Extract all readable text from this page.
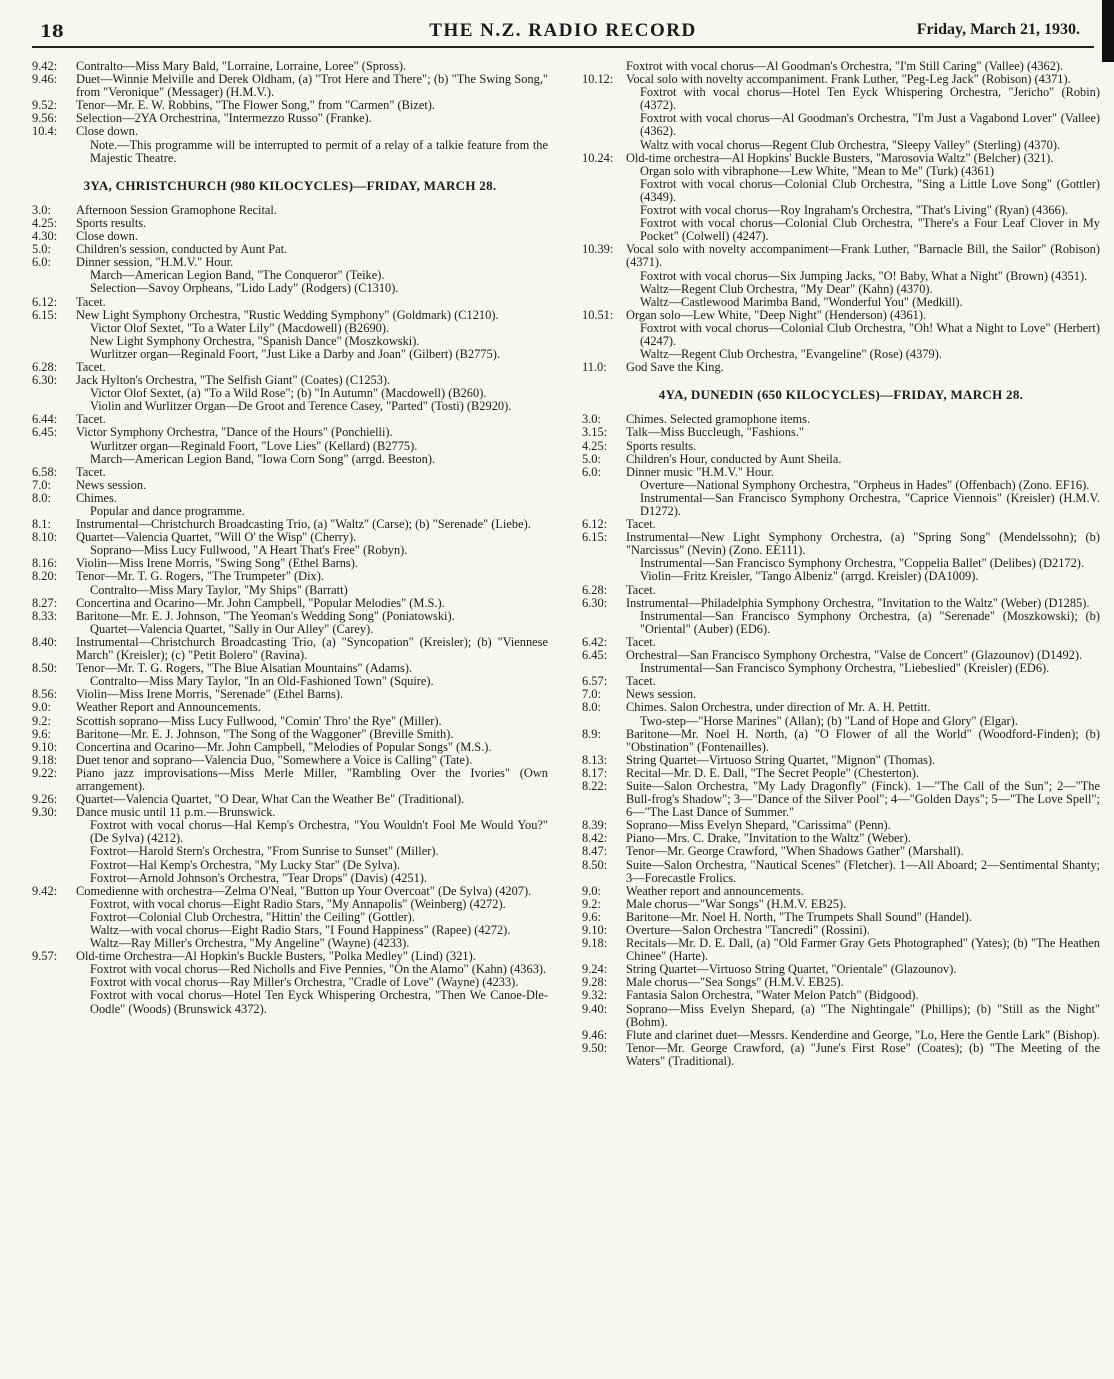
18	THE N.Z. RADIO RECORD	Friday, March 21, 1930.
9.42 :	Contralto—Miss Mary Bald, "Lorraine, Lorraine, Loree" (Spross).
9.46 :	Duet—Winnie Melville and Derek Oldham, (a) "Trot Here and There"; (b) "The Swing Song," from "Veronique" (Messager) (H.M.V.).
9.52 :	Tenor—Mr. E. W. Robbins, "The Flower Song," from "Carmen" (Bizet).
9.56 :	Selection—2YA Orchestrina, "Intermezzo Russo" (Franke).
10.4 :	Close down.
Note.—This programme will be interrupted to permit of a relay of a talkie feature from the Majestic Theatre.
3YA, CHRISTCHURCH (980 KILOCYCLES)—FRIDAY, MARCH 28.
3.0 :	Afternoon Session Gramophone Recital.
4.25 :	Sports results.
4.30 :	Close down.
5.0 :	Children's session, conducted by Aunt Pat.
6.0 :	Dinner session, "H.M.V." Hour.
March—American Legion Band, "The Conqueror" (Teike).
Selection—Savoy Orpheans, "Lido Lady" (Rodgers) (C1310).
6.12 :	Tacet.
6.15 :	New Light Symphony Orchestra, "Rustic Wedding Symphony" (Goldmark) (C1210).
Victor Olof Sextet, "To a Water Lily" (Macdowell) (B2690).
New Light Symphony Orchestra, "Spanish Dance" (Moszkowski).
Wurlitzer organ—Reginald Foort, "Just Like a Darby and Joan" (Gilbert) (B2775).
6.28 :	Tacet.
6.30 :	Jack Hylton's Orchestra, "The Selfish Giant" (Coates) (C1253).
Victor Olof Sextet, (a) "To a Wild Rose"; (b) "In Autumn" (Macdowell) (B260).
Violin and Wurlitzer Organ—De Groot and Terence Casey, "Parted" (Tosti) (B2920).
6.44 :	Tacet.
6.45 :	Victor Symphony Orchestra, "Dance of the Hours" (Ponchielli).
Wurlitzer organ—Reginald Foort, "Love Lies" (Kellard) (B2775).
March—American Legion Band, "Iowa Corn Song" (arrgd. Beeston).
6.58 :	Tacet.
7.0 :	News session.
8.0 :	Chimes.
Popular and dance programme.
8.1 :	Instrumental—Christchurch Broadcasting Trio, (a) "Waltz" (Carse); (b) "Serenade" (Liebe).
8.10 :	Quartet—Valencia Quartet, "Will O' the Wisp" (Cherry).
Soprano—Miss Lucy Fullwood, "A Heart That's Free" (Robyn).
8.16 :	Violin—Miss Irene Morris, "Swing Song" (Ethel Barns).
8.20 :	Tenor—Mr. T. G. Rogers, "The Trumpeter" (Dix).
Contralto—Miss Mary Taylor, "My Ships" (Barratt)
8.27 :	Concertina and Ocarino—Mr. John Campbell, "Popular Melodies" (M.S.).
8.33 :	Baritone—Mr. E. J. Johnson, "The Yeoman's Wedding Song" (Poniatowski).
Quartet—Valencia Quartet, "Sally in Our Alley" (Carey).
8.40 :	Instrumental—Christchurch Broadcasting Trio, (a) "Syncopation" (Kreisler); (b) "Viennese March" (Kreisler); (c) "Petit Bolero" (Ravina).
8.50 :	Tenor—Mr. T. G. Rogers, "The Blue Alsatian Mountains" (Adams).
Contralto—Miss Mary Taylor, "In an Old-Fashioned Town" (Squire).
8.56 :	Violin—Miss Irene Morris, "Serenade" (Ethel Barns).
9.0 :	Weather Report and Announcements.
9.2 :	Scottish soprano—Miss Lucy Fullwood, "Comin' Thro' the Rye" (Miller).
9.6 :	Baritone—Mr. E. J. Johnson, "The Song of the Waggoner" (Breville Smith).
9.10 :	Concertina and Ocarino—Mr. John Campbell, "Melodies of Popular Songs" (M.S.).
9.18 :	Duet tenor and soprano—Valencia Duo, "Somewhere a Voice is Calling" (Tate).
9.22 :	Piano jazz improvisations—Miss Merle Miller, "Rambling Over the Ivories" (Own arrangement).
9.26 :	Quartet—Valencia Quartet, "O Dear, What Can the Weather Be" (Traditional).
9.30 :	Dance music until 11 p.m.—Brunswick.
Foxtrot with vocal chorus—Hal Kemp's Orchestra, "You Wouldn't Fool Me Would You?" (De Sylva) (4212).
Foxtrot—Harold Stern's Orchestra, "From Sunrise to Sunset" (Miller).
Foxtrot—Hal Kemp's Orchestra, "My Lucky Star" (De Sylva).
Foxtrot—Arnold Johnson's Orchestra, "Tear Drops" (Davis) (4251).
9.42 :	Comedienne with orchestra—Zelma O'Neal, "Button up Your Overcoat" (De Sylva) (4207).
Foxtrot, with vocal chorus—Eight Radio Stars, "My Annapolis" (Weinberg) (4272).
Foxtrot—Colonial Club Orchestra, "Hittin' the Ceiling" (Gottler).
Waltz—with vocal chorus—Eight Radio Stars, "I Found Happiness" (Rapee) (4272).
Waltz—Ray Miller's Orchestra, "My Angeline" (Wayne) (4233).
9.57 :	Old-time Orchestra—Al Hopkin's Buckle Busters, "Polka Medley" (Lind) (321).
Foxtrot with vocal chorus—Red Nicholls and Five Pennies, "On the Alamo" (Kahn) (4363).
Foxtrot with vocal chorus—Ray Miller's Orchestra, "Cradle of Love" (Wayne) (4233).
Foxtrot with vocal chorus—Hotel Ten Eyck Whispering Orchestra, "Then We Canoe-Dle-Oodle" (Woods) (Brunswick 4372).
Foxtrot with vocal chorus—Al Goodman's Orchestra, "I'm Still Caring" (Vallee) (4362).
10.12 :	Vocal solo with novelty accompaniment. Frank Luther, "Peg-Leg Jack" (Robison) (4371).
Foxtrot with vocal chorus—Hotel Ten Eyck Whispering Orchestra, "Jericho" (Robin) (4372).
Foxtrot with vocal chorus—Al Goodman's Orchestra, "I'm Just a Vagabond Lover" (Vallee) (4362).
Waltz with vocal chorus—Regent Club Orchestra, "Sleepy Valley" (Sterling) (4370).
10.24 :	Old-time orchestra—Al Hopkins' Buckle Busters, "Marosovia Waltz" (Belcher) (321).
Organ solo with vibraphone—Lew White, "Mean to Me" (Turk) (4361)
Foxtrot with vocal chorus—Colonial Club Orchestra, "Sing a Little Love Song" (Gottler) (4349).
Foxtrot with vocal chorus—Roy Ingraham's Orchestra, "That's Living" (Ryan) (4366).
Foxtrot with vocal chorus—Colonial Club Orchestra, "There's a Four Leaf Clover in My Pocket" (Colwell) (4247).
10.39 :	Vocal solo with novelty accompaniment—Frank Luther, "Barnacle Bill, the Sailor" (Robison) (4371).
Foxtrot with vocal chorus—Six Jumping Jacks, "O! Baby, What a Night" (Brown) (4351).
Waltz—Regent Club Orchestra, "My Dear" (Kahn) (4370).
Waltz—Castlewood Marimba Band, "Wonderful You" (Medkill).
10.51 :	Organ solo—Lew White, "Deep Night" (Henderson) (4361).
Foxtrot with vocal chorus—Colonial Club Orchestra, "Oh! What a Night to Love" (Herbert) (4247).
Waltz—Regent Club Orchestra, "Evangeline" (Rose) (4379).
11.0 :	God Save the King.
4YA, DUNEDIN (650 KILOCYCLES)—FRIDAY, MARCH 28.
3.0 :	Chimes. Selected gramophone items.
3.15 :	Talk—Miss Buccleugh, "Fashions."
4.25 :	Sports results.
5.0 :	Children's Hour, conducted by Aunt Sheila.
6.0 :	Dinner music "H.M.V." Hour.
Overture—National Symphony Orchestra, "Orpheus in Hades" (Offenbach) (Zono. EF16).
Instrumental—San Francisco Symphony Orchestra, "Caprice Viennois" (Kreisler) (H.M.V. D1272).
6.12 :	Tacet.
6.15 :	Instrumental—New Light Symphony Orchestra, (a) "Spring Song" (Mendelssohn); (b) "Narcissus" (Nevin) (Zono. EE111).
Instrumental—San Francisco Symphony Orchestra, "Coppelia Ballet" (Delibes) (D2172).
Violin—Fritz Kreisler, "Tango Albeniz" (arrgd. Kreisler) (DA1009).
6.28 :	Tacet.
6.30 :	Instrumental—Philadelphia Symphony Orchestra, "Invitation to the Waltz" (Weber) (D1285).
Instrumental—San Francisco Symphony Orchestra, (a) "Serenade" (Moszkowski); (b) "Oriental" (Auber) (ED6).
6.42 :	Tacet.
6.45 :	Orchestral—San Francisco Symphony Orchestra, "Valse de Concert" (Glazounov) (D1492).
Instrumental—San Francisco Symphony Orchestra, "Liebeslied" (Kreisler) (ED6).
6.57 :	Tacet.
7.0 :	News session.
8.0 :	Chimes. Salon Orchestra, under direction of Mr. A. H. Pettitt.
Two-step—"Horse Marines" (Allan); (b) "Land of Hope and Glory" (Elgar).
8.9 :	Baritone—Mr. Noel H. North, (a) "O Flower of all the World" (Woodford-Finden); (b) "Obstination" (Fontenailles).
8.13 :	String Quartet—Virtuoso String Quartet, "Mignon" (Thomas).
8.17 :	Recital—Mr. D. E. Dall, "The Secret People" (Chesterton).
8.22 :	Suite—Salon Orchestra, "My Lady Dragonfly" (Finck). 1—"The Call of the Sun"; 2—"The Bull-frog's Shadow"; 3—"Dance of the Silver Pool"; 4—"Golden Days"; 5—"The Love Spell"; 6—"The Last Dance of Summer."
8.39 :	Soprano—Miss Evelyn Shepard, "Carissima" (Penn).
8.42 :	Piano—Mrs. C. Drake, "Invitation to the Waltz" (Weber).
8.47 :	Tenor—Mr. George Crawford, "When Shadows Gather" (Marshall).
8.50 :	Suite—Salon Orchestra, "Nautical Scenes" (Fletcher). 1—All Aboard; 2—Sentimental Shanty; 3—Forecastle Frolics.
9.0 :	Weather report and announcements.
9.2 :	Male chorus—"War Songs" (H.M.V. EB25).
9.6 :	Baritone—Mr. Noel H. North, "The Trumpets Shall Sound" (Handel).
9.10 :	Overture—Salon Orchestra "Tancredi" (Rossini).
9.18 :	Recitals—Mr. D. E. Dall, (a) "Old Farmer Gray Gets Photographed" (Yates); (b) "The Heathen Chinee" (Harte).
9.24 :	String Quartet—Virtuoso String Quartet, "Orientale" (Glazounov).
9.28 :	Male chorus—"Sea Songs" (H.M.V. EB25).
9.32 :	Fantasia Salon Orchestra, "Water Melon Patch" (Bidgood).
9.40 :	Soprano—Miss Evelyn Shepard, (a) "The Nightingale" (Phillips); (b) "Still as the Night" (Bohm).
9.46 :	Flute and clarinet duet—Messrs. Kenderdine and George, "Lo, Here the Gentle Lark" (Bishop).
9.50 :	Tenor—Mr. George Crawford, (a) "June's First Rose" (Coates); (b) "The Meeting of the Waters" (Traditional).
